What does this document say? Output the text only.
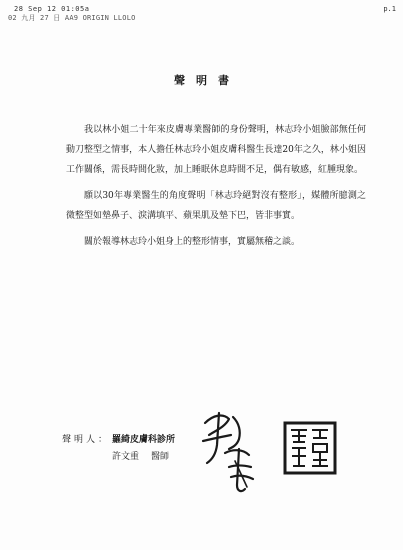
28 Sep 12 01:05a
02 九月 27 日 AA9 ORIGIN LLOLO
p.1
聲明書

我以林小姐二十年來皮膚專業醫師的身份聲明，林志玲小姐臉部無任何動刀整型之情事，本人擔任林志玲小姐皮膚科醫生長達20年之久，林小姐因工作關係，需長時間化妝，加上睡眠休息時間不足，偶有敏感，紅腫現象。

願以30年專業醫生的角度聲明「林志玲絕對沒有整形」，媒體所臆測之微整型如墊鼻子、淚溝填平、蘋果肌及墊下巴，皆非事實。

關於報導林志玲小姐身上的整形情事，實屬無稽之談。

聲明人： 羅綺皮膚科診所
許文重 醫師
